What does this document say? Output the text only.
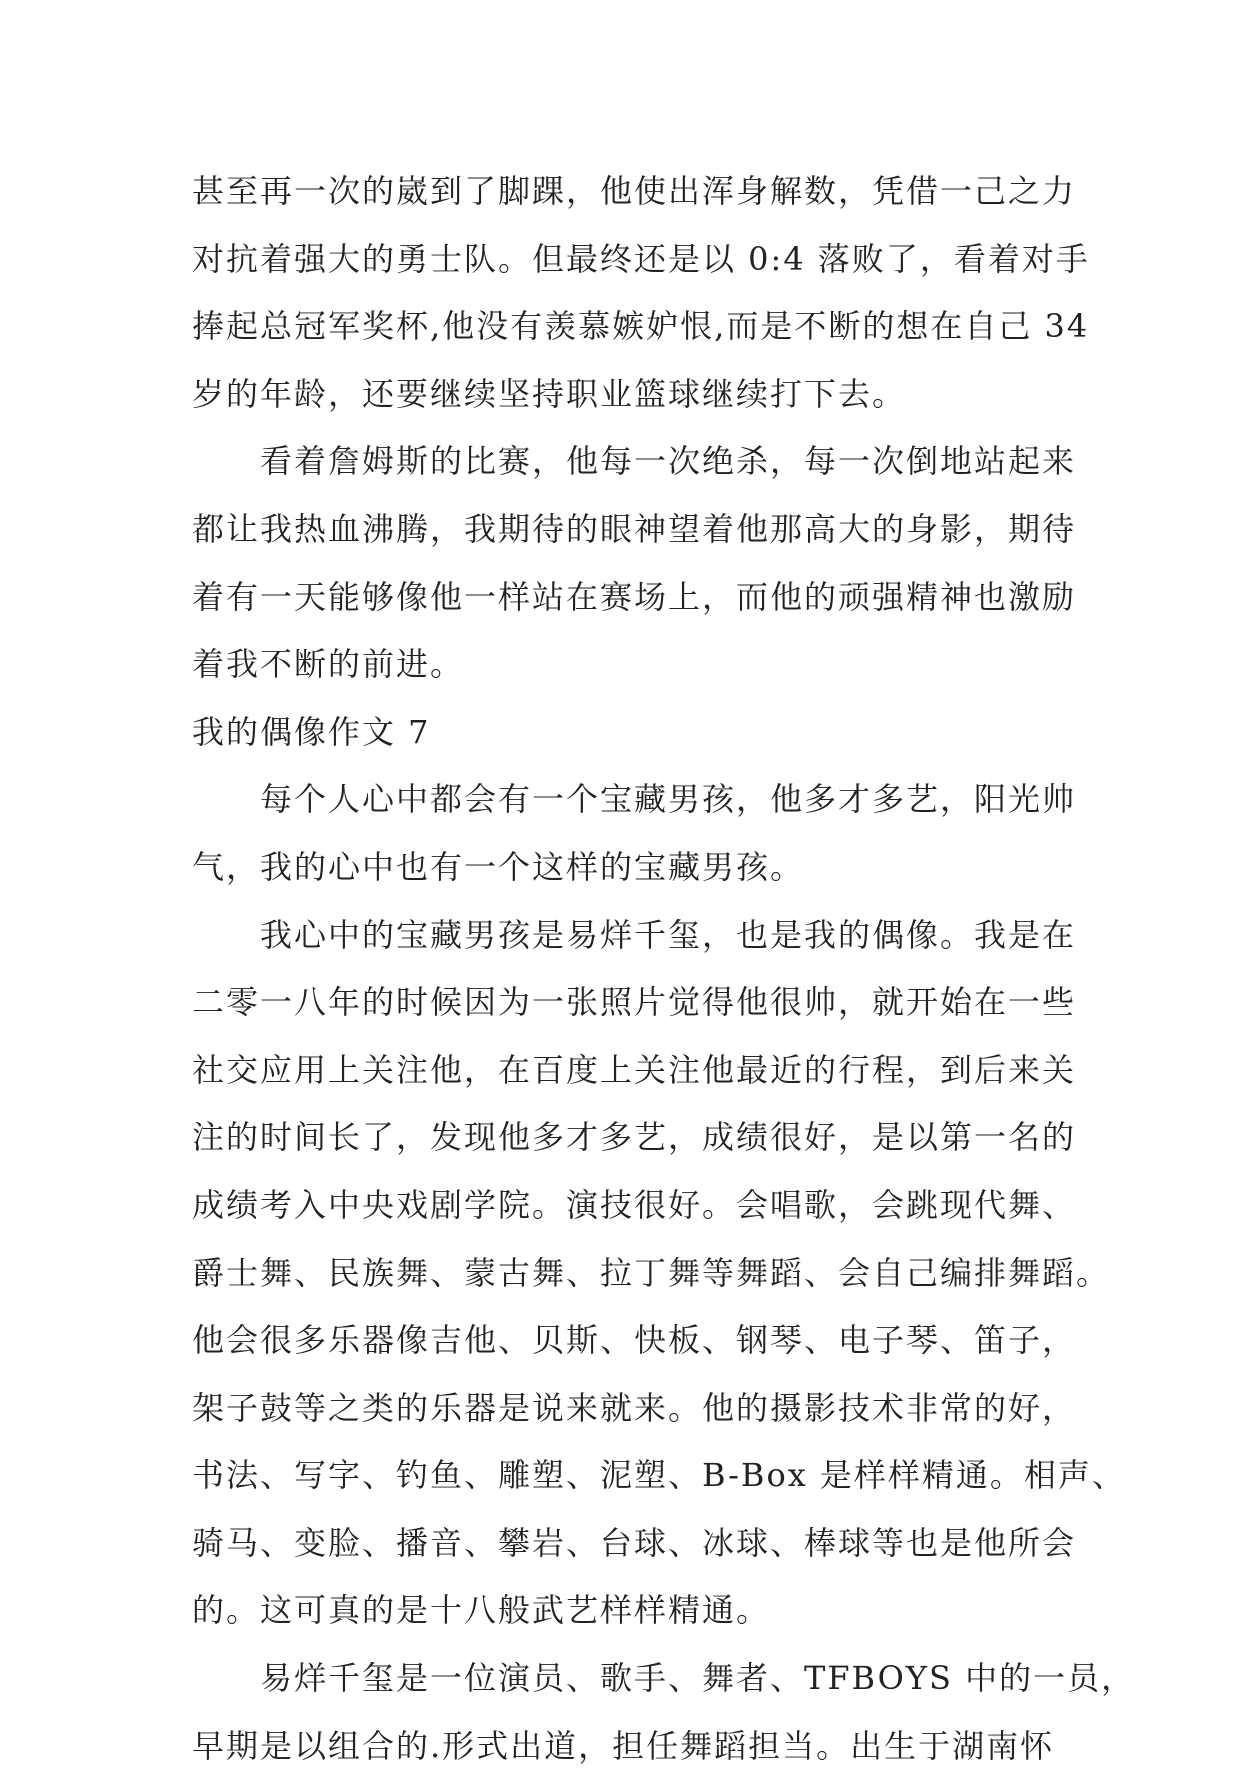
甚至再一次的崴到了脚踝，他使出浑身解数，凭借一己之力
对抗着强大的勇士队。但最终还是以 0:4 落败了，看着对手
捧起总冠军奖杯,他没有羡慕嫉妒恨,而是不断的想在自己 34
岁的年龄，还要继续坚持职业篮球继续打下去。
看着詹姆斯的比赛，他每一次绝杀，每一次倒地站起来
都让我热血沸腾，我期待的眼神望着他那高大的身影，期待
着有一天能够像他一样站在赛场上，而他的顽强精神也激励
着我不断的前进。
我的偶像作文 7
每个人心中都会有一个宝藏男孩，他多才多艺，阳光帅
气，我的心中也有一个这样的宝藏男孩。
我心中的宝藏男孩是易烊千玺，也是我的偶像。我是在
二零一八年的时候因为一张照片觉得他很帅，就开始在一些
社交应用上关注他，在百度上关注他最近的行程，到后来关
注的时间长了，发现他多才多艺，成绩很好，是以第一名的
成绩考入中央戏剧学院。演技很好。会唱歌，会跳现代舞、
爵士舞、民族舞、蒙古舞、拉丁舞等舞蹈、会自己编排舞蹈。
他会很多乐器像吉他、贝斯、快板、钢琴、电子琴、笛子，
架子鼓等之类的乐器是说来就来。他的摄影技术非常的好，
书法、写字、钓鱼、雕塑、泥塑、B-Box 是样样精通。相声、
骑马、变脸、播音、攀岩、台球、冰球、棒球等也是他所会
的。这可真的是十八般武艺样样精通。
易烊千玺是一位演员、歌手、舞者、TFBOYS 中的一员，
早期是以组合的.形式出道，担任舞蹈担当。出生于湖南怀
